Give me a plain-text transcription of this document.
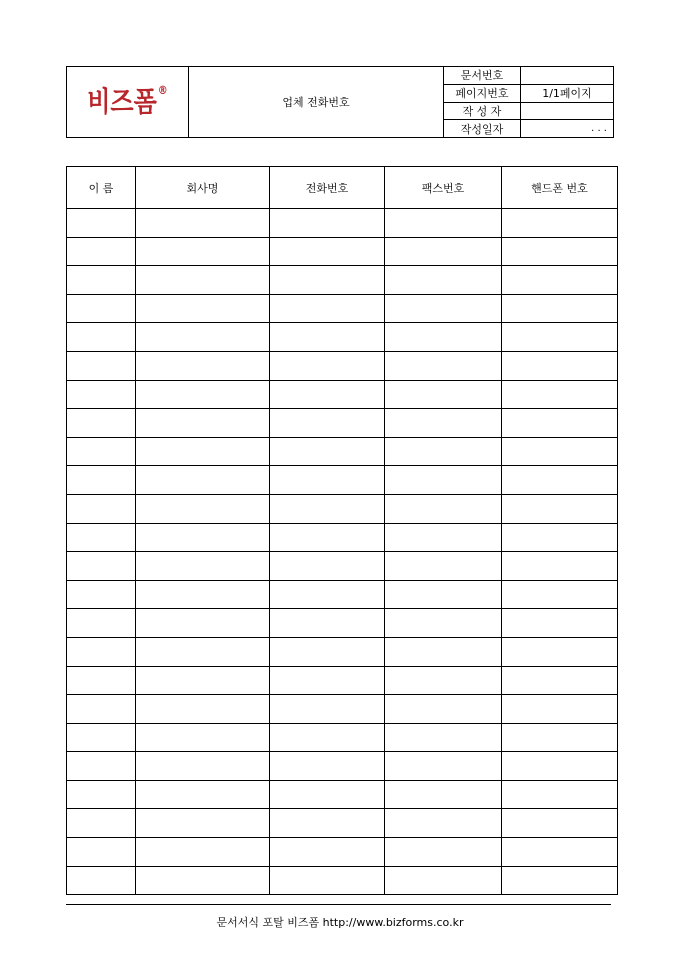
비즈폼®	업체 전화번호	문서번호	
		페이지번호	1/1페이지
		작 성 자	
		작성일자	. . .
이 름	회사명	전화번호	팩스번호	핸드폰 번호

문서서식 포탈 비즈폼 http://www.bizforms.co.kr
